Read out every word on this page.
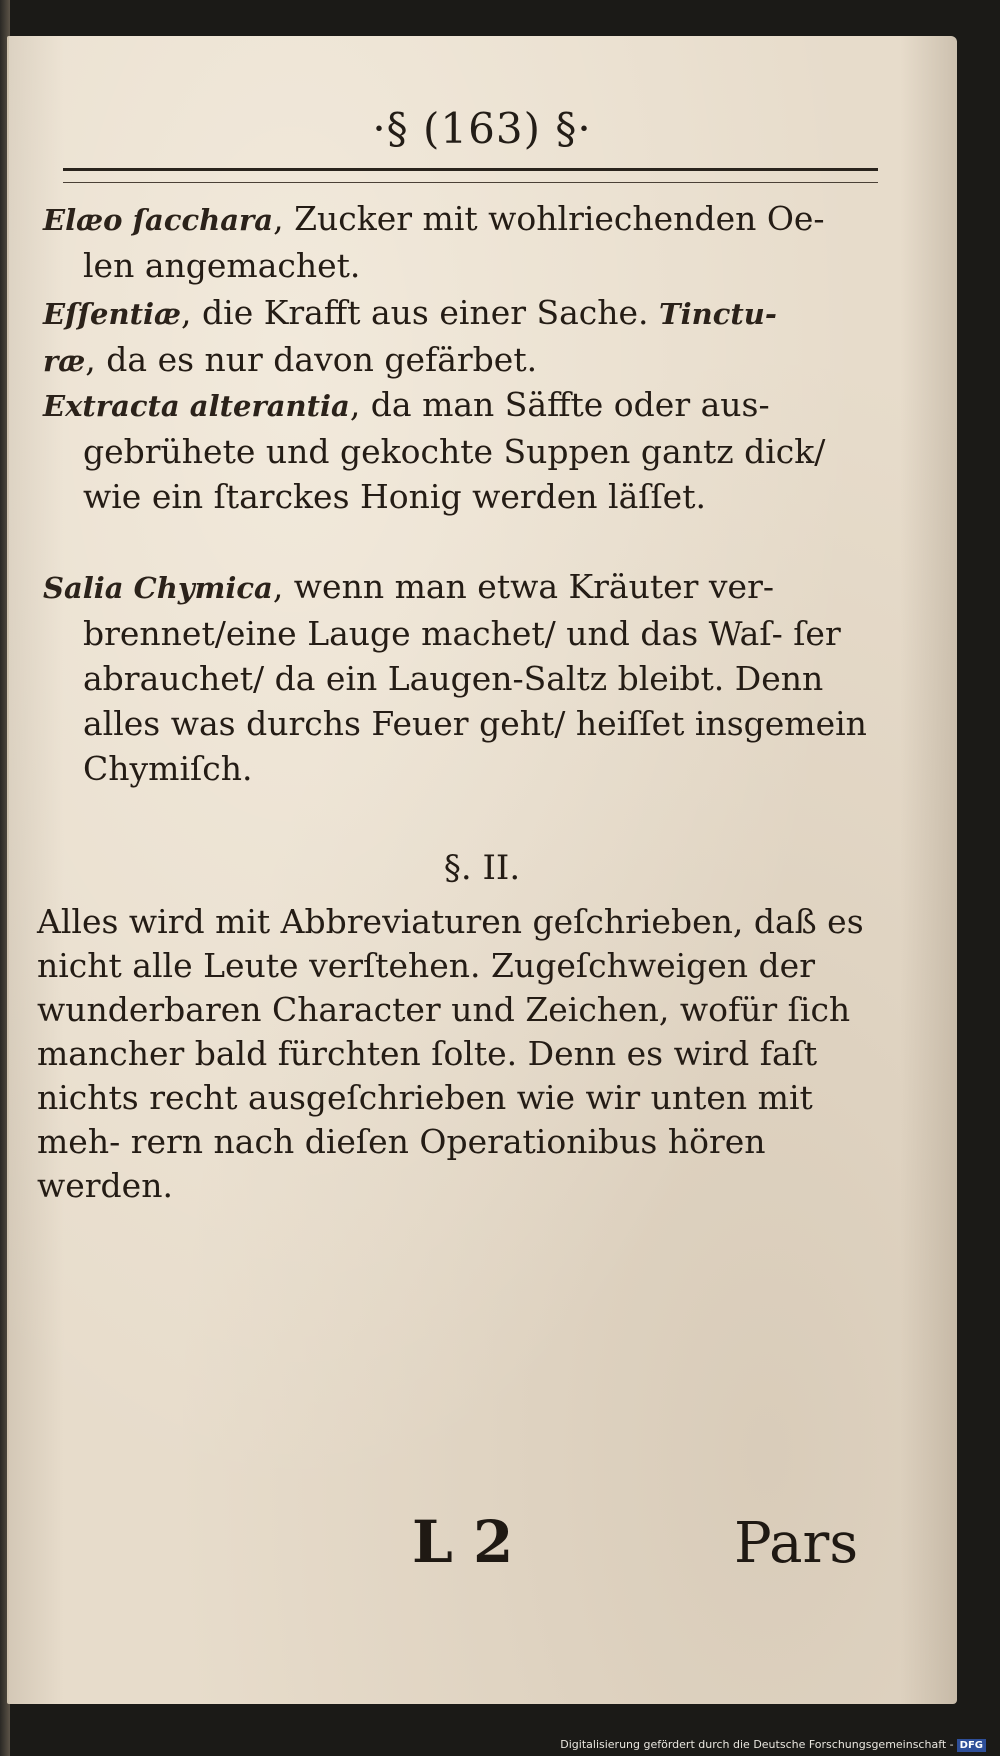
·§ (163) §·

Elæo ſacchara, Zucker mit wohlriechenden Oe-

len angemachet.

Eſſentiæ, die Krafft aus einer Sache. Tinctu-
ræ, da es nur davon gefärbet.

Extracta alterantia, da man Säffte oder aus-

gebrühete und gekochte Suppen gantz dick/ wie ein ſtarckes Honig werden läſſet.

Salia Chymica, wenn man etwa Kräuter ver-

brennet/eine Lauge machet/ und das Waſ- ſer abrauchet/ da ein Laugen-Saltz bleibt. Denn alles was durchs Feuer geht/ heiſſet insgemein Chymiſch.

§. II.

Alles wird mit Abbreviaturen geſchrieben, daß es nicht alle Leute verſtehen. Zugeſchweigen der wunderbaren Character und Zeichen, wofür ſich mancher bald fürchten ſolte. Denn es wird faſt nichts recht ausgeſchrieben wie wir unten mit meh- rern nach dieſen Operationibus hören werden.

L 2	Pars
Digitalisierung gefördert durch die Deutsche Forschungsgemeinschaft - DFG
